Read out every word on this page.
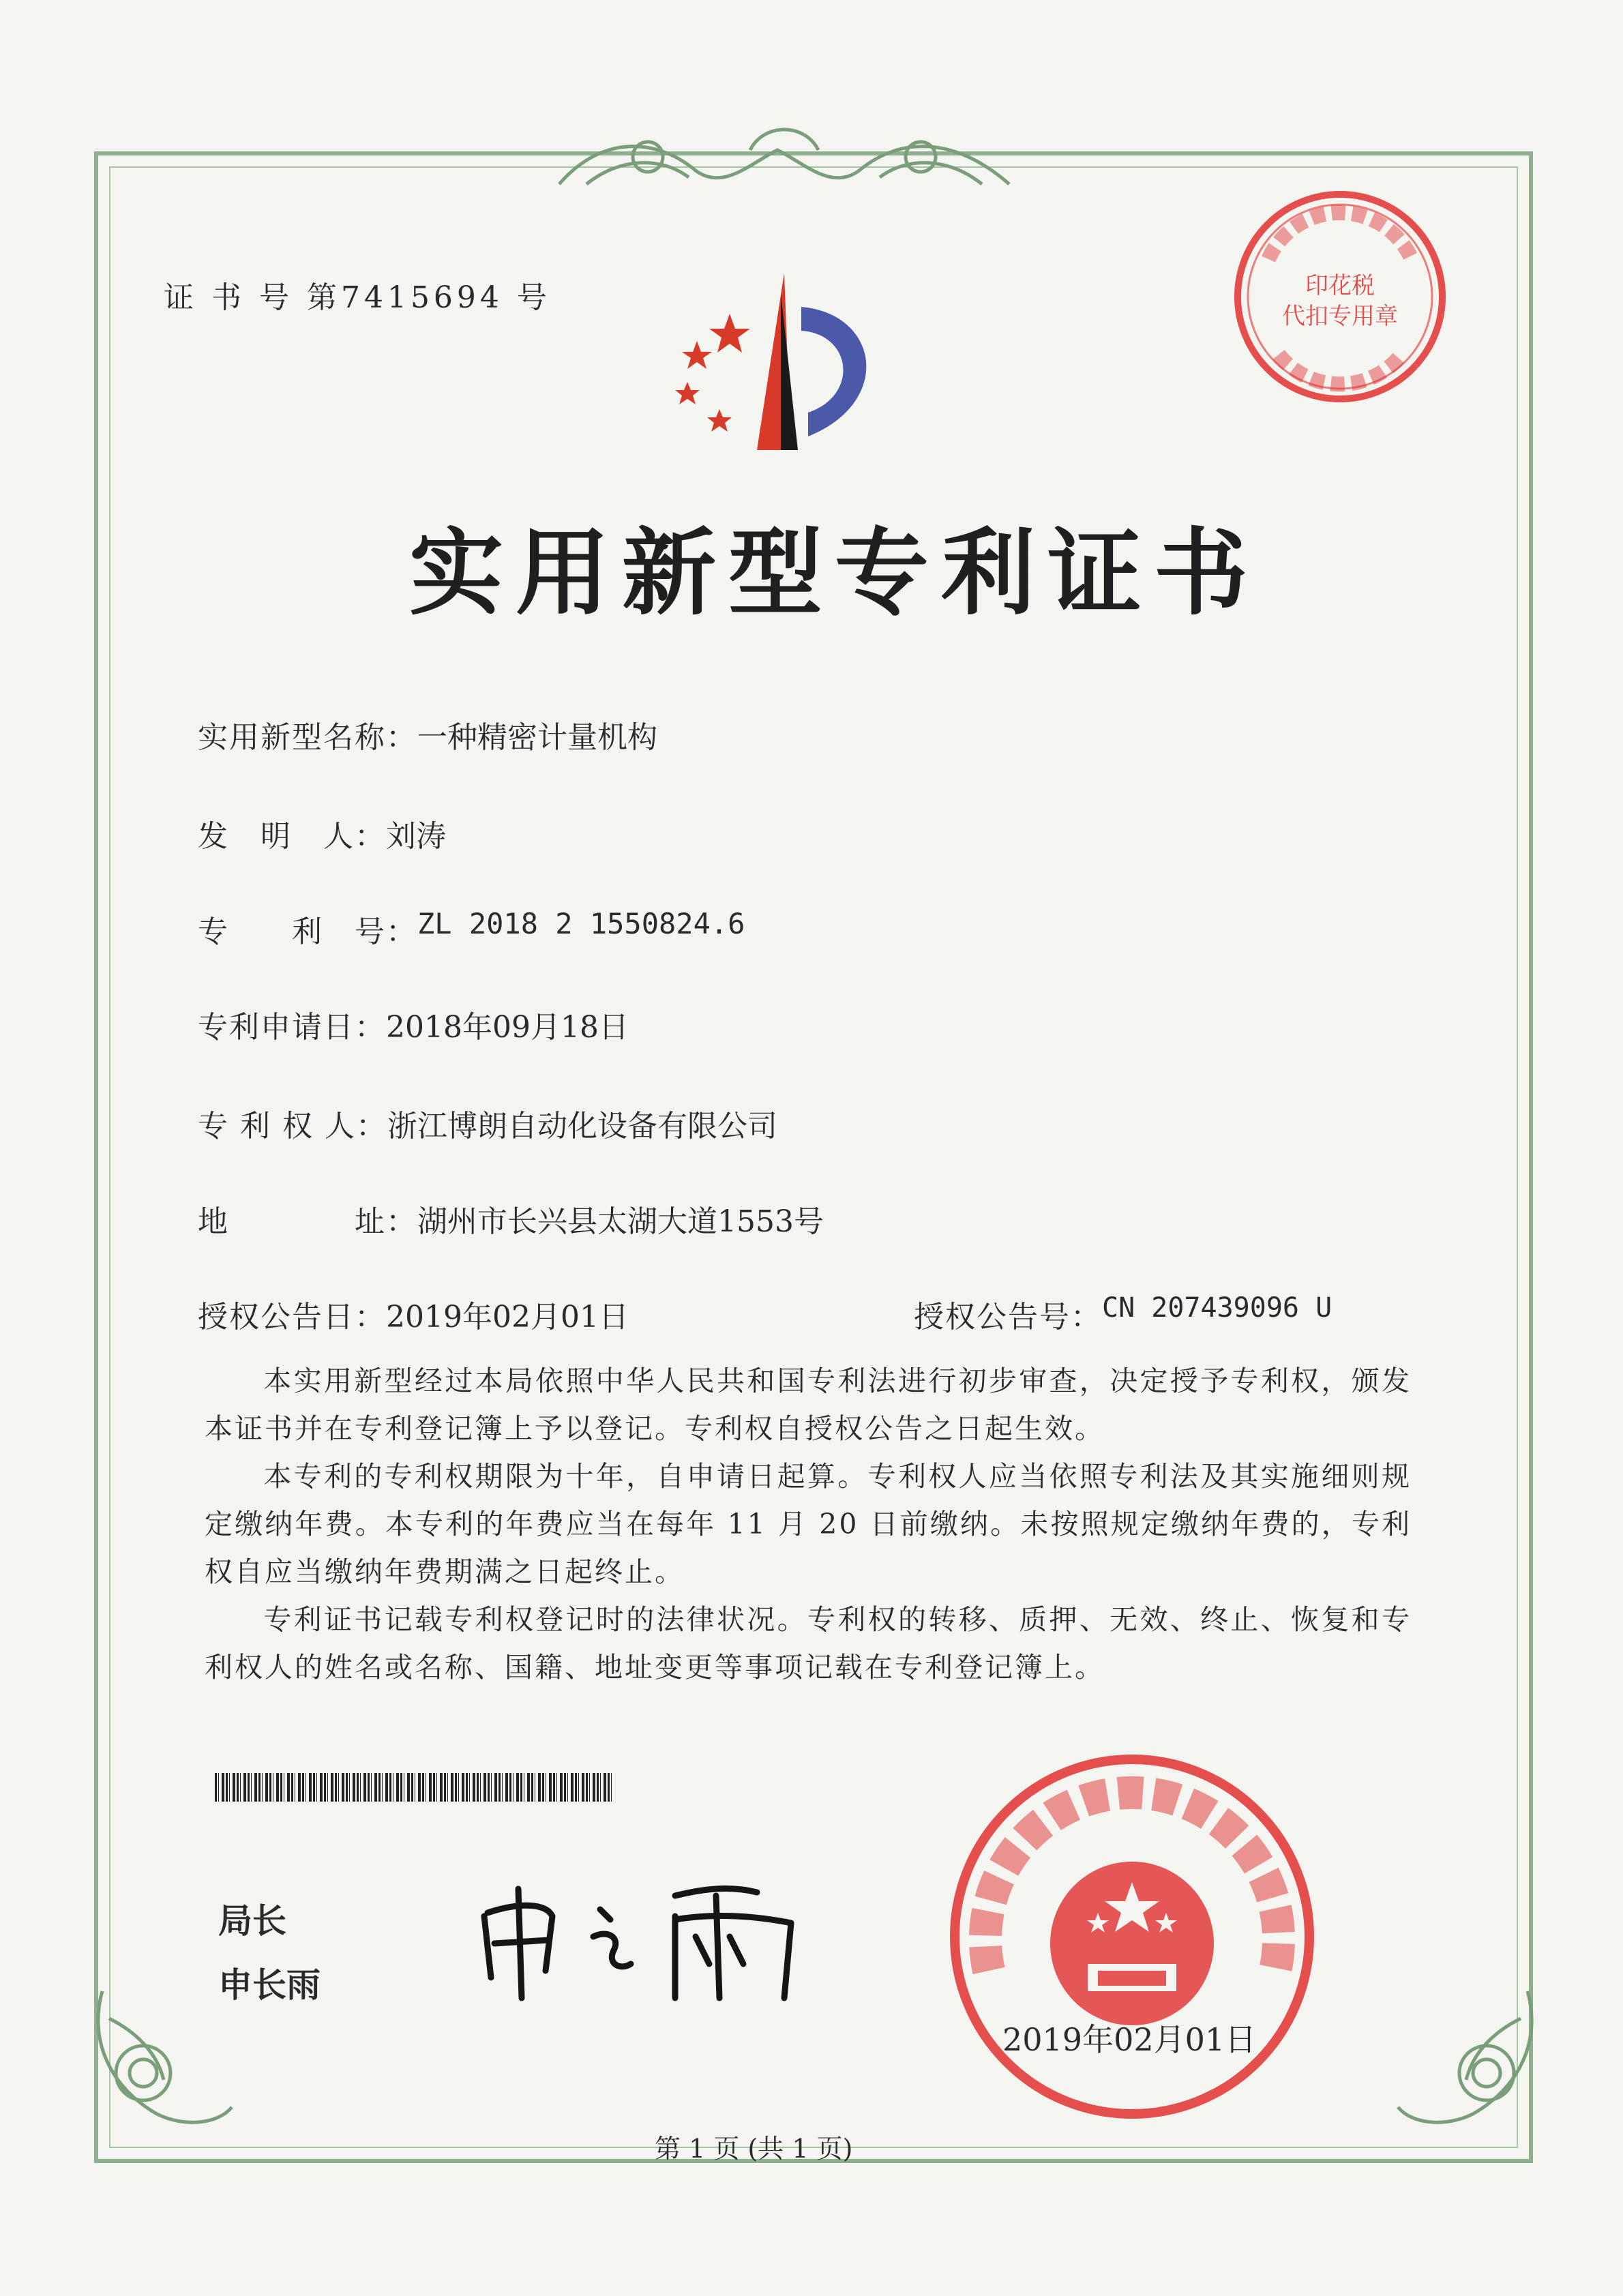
证 书 号 第7415694 号	印花税
代扣专用章
实用新型专利证书
实用新型名称： 一种精密计量机构
发　明　人： 刘涛
专　　利　号： ZL 2018 2 1550824.6
专利申请日： 2018年09月18日
专 利 权 人： 浙江博朗自动化设备有限公司
地　　　　址： 湖州市长兴县太湖大道1553号
授权公告日： 2019年02月01日	授权公告号： CN 207439096 U
本实用新型经过本局依照中华人民共和国专利法进行初步审查，决定授予专利权，颁发本证书并在专利登记簿上予以登记。专利权自授权公告之日起生效。
本专利的专利权期限为十年，自申请日起算。专利权人应当依照专利法及其实施细则规定缴纳年费。本专利的年费应当在每年 11 月 20 日前缴纳。未按照规定缴纳年费的，专利权自应当缴纳年费期满之日起终止。
专利证书记载专利权登记时的法律状况。专利权的转移、质押、无效、终止、恢复和专利权人的姓名或名称、国籍、地址变更等事项记载在专利登记簿上。
局长
申长雨
2019年02月01日
第 1 页 (共 1 页)
